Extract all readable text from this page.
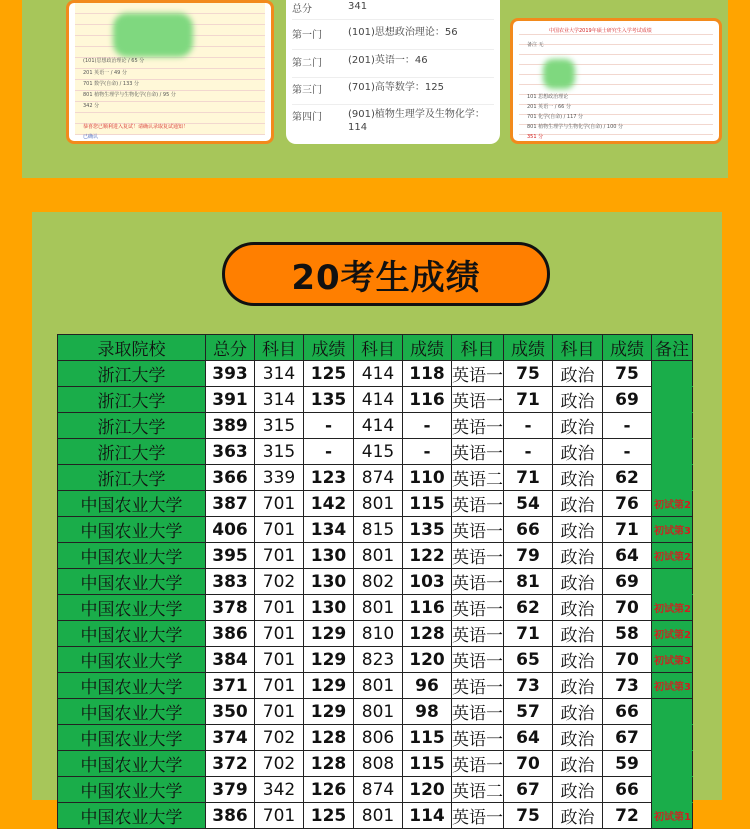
(101)思想政治理论 / 65 分
201 英语一 / 49 分
701 数学(自命) / 133 分
801 植物生理学与生物化学(自命) / 95 分
342 分
恭喜您已顺利进入复试！请确认录取复试通知！
已确认
总分	341
第一门	(101)思想政治理论：56
第二门	(201)英语一：46
第三门	(701)高等数学：125
第四门	(901)植物生理学及生物化学：114
中国农业大学2019年硕士研究生入学考试成绩
备注 无
101 思想政治理论
201 英语一 / 66 分
701 化学(自命) / 117 分
801 植物生理学与生物化学(自命) / 100 分
351 分
20考生成绩
录取院校	总分	科目	成绩	科目	成绩	科目	成绩	科目	成绩	备注
浙江大学	393	314	125	414	118	英语一	75	政治	75	
浙江大学	391	314	135	414	116	英语一	71	政治	69	
浙江大学	389	315	-	414	-	英语一	-	政治	-	
浙江大学	363	315	-	415	-	英语一	-	政治	-	
浙江大学	366	339	123	874	110	英语二	71	政治	62	
中国农业大学	387	701	142	801	115	英语一	54	政治	76	初试第2
中国农业大学	406	701	134	815	135	英语一	66	政治	71	初试第3
中国农业大学	395	701	130	801	122	英语一	79	政治	64	初试第2
中国农业大学	383	702	130	802	103	英语一	81	政治	69	
中国农业大学	378	701	130	801	116	英语一	62	政治	70	初试第2
中国农业大学	386	701	129	810	128	英语一	71	政治	58	初试第2
中国农业大学	384	701	129	823	120	英语一	65	政治	70	初试第3
中国农业大学	371	701	129	801	96	英语一	73	政治	73	初试第3
中国农业大学	350	701	129	801	98	英语一	57	政治	66	
中国农业大学	374	702	128	806	115	英语一	64	政治	67	
中国农业大学	372	702	128	808	115	英语一	70	政治	59	
中国农业大学	379	342	126	874	120	英语二	67	政治	66	
中国农业大学	386	701	125	801	114	英语一	75	政治	72	初试第1
